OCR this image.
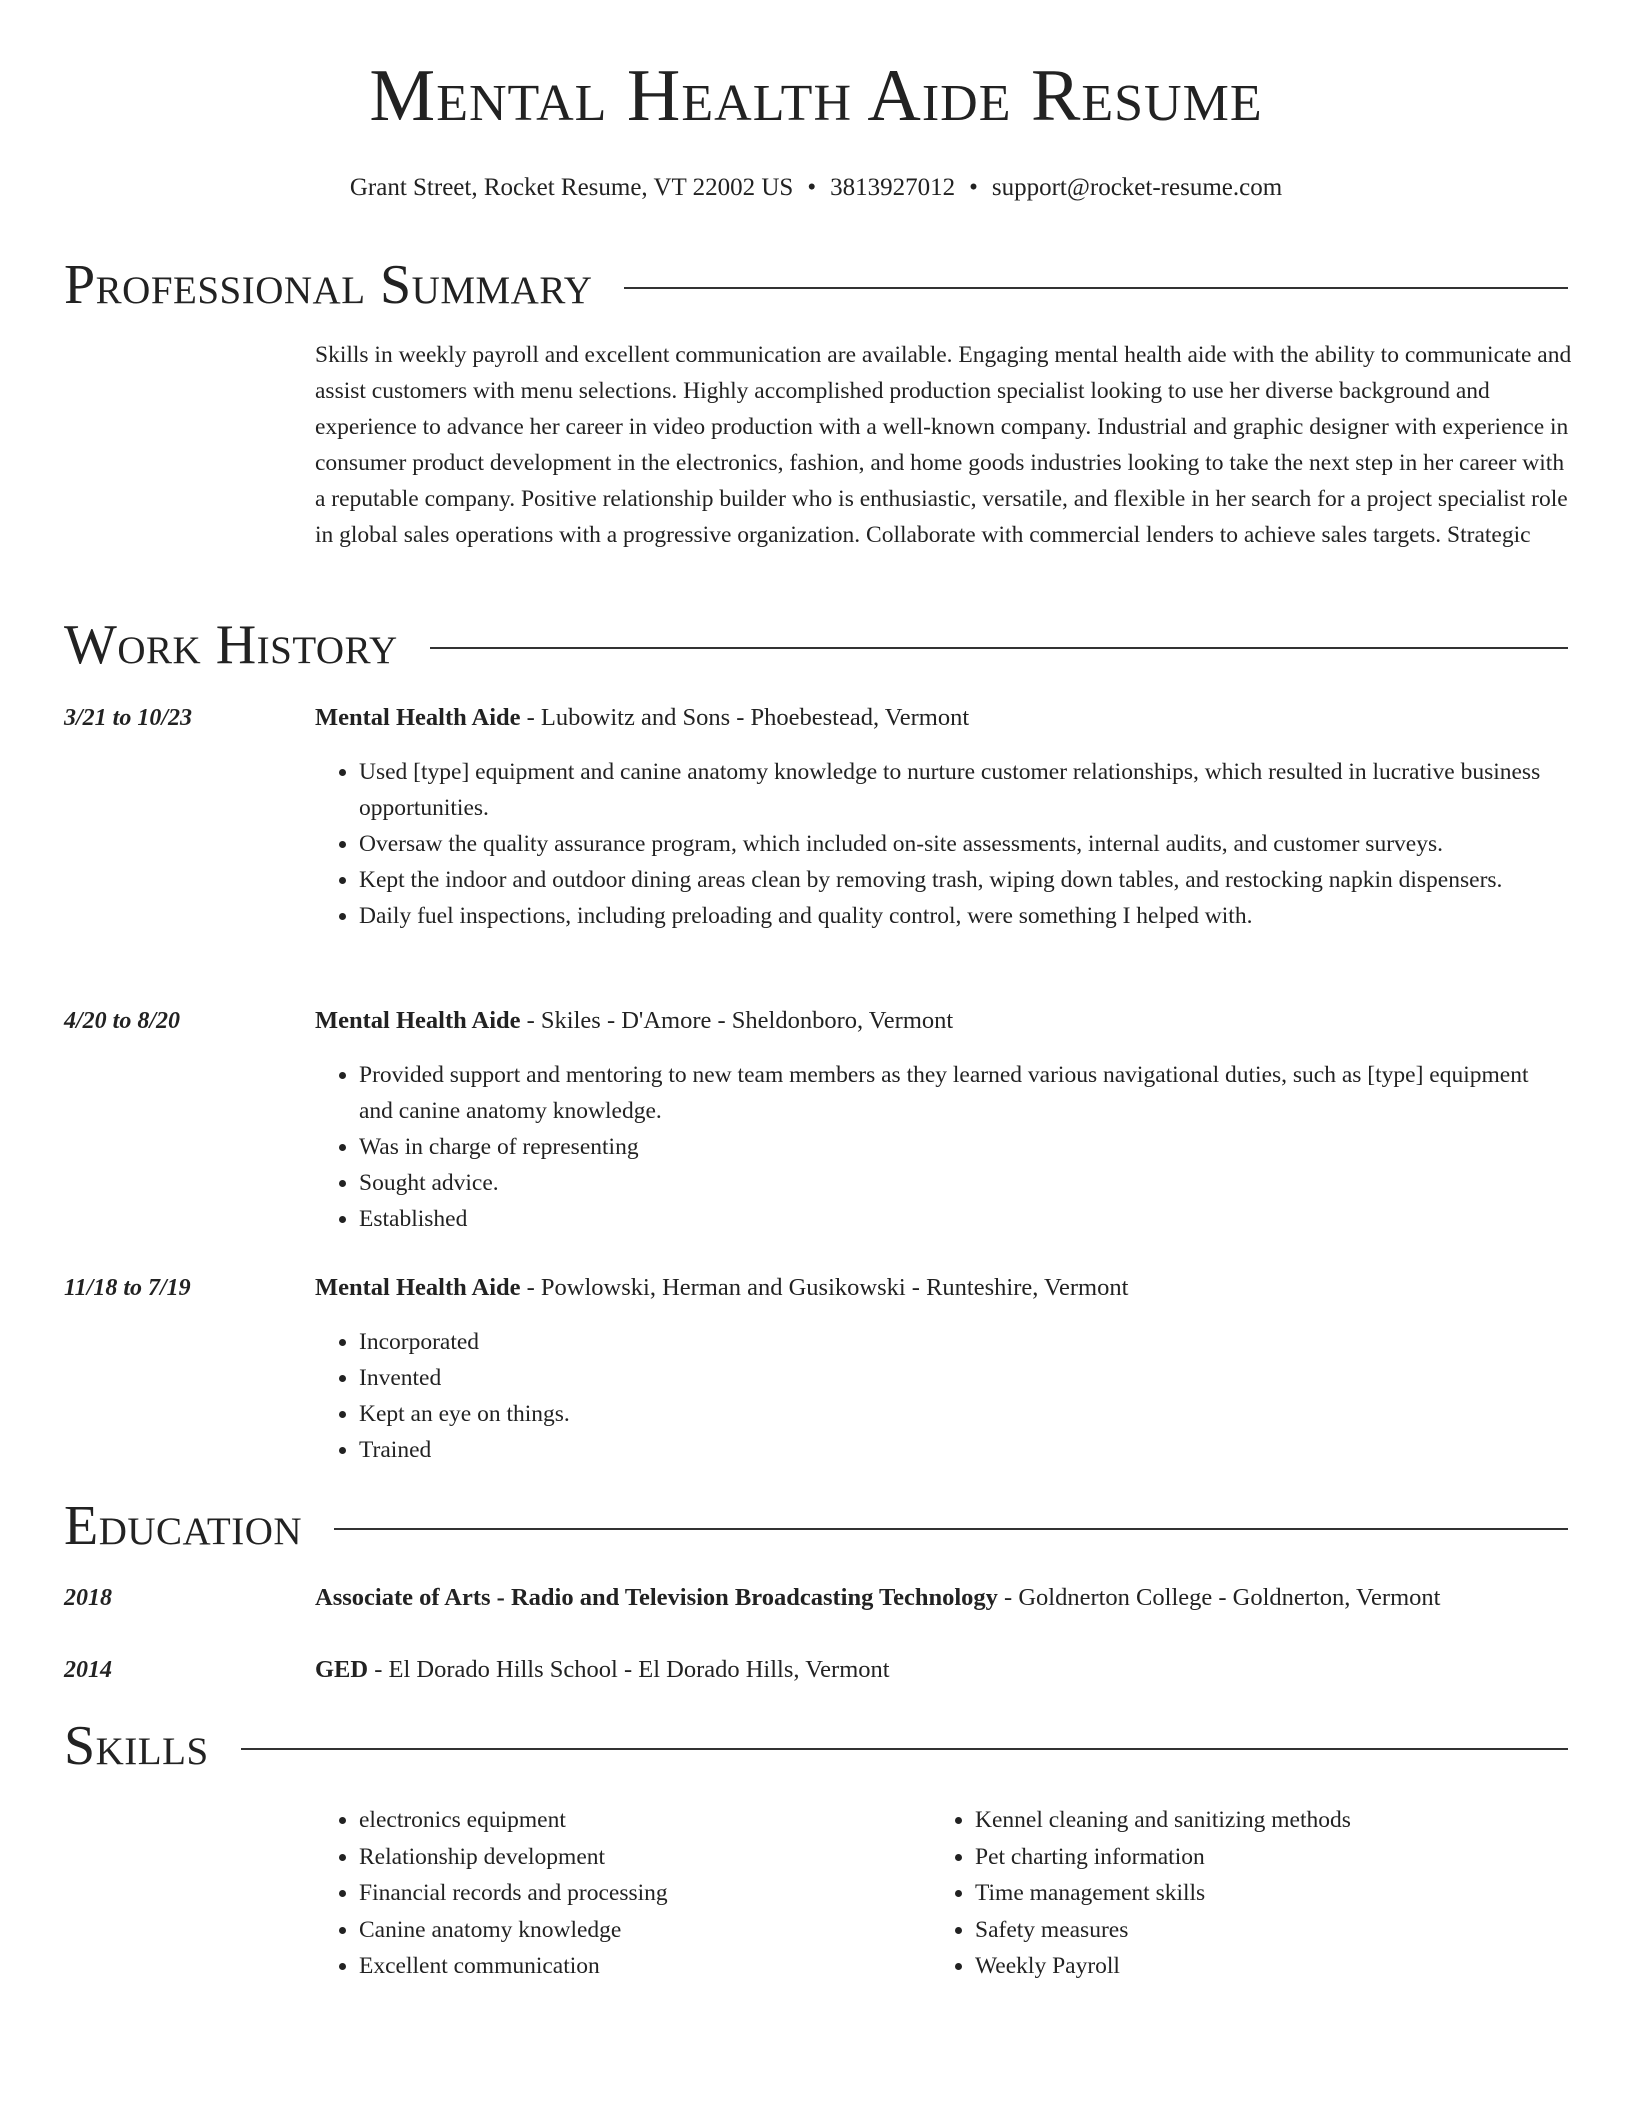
Mental Health Aide Resume
Grant Street, Rocket Resume, VT 22002 US • 3813927012 • support@rocket-resume.com
Professional Summary

Skills in weekly payroll and excellent communication are available. Engaging mental health aide with the ability to communicate and assist customers with menu selections. Highly accomplished production specialist looking to use her diverse background and experience to advance her career in video production with a well-known company. Industrial and graphic designer with experience in consumer product development in the electronics, fashion, and home goods industries looking to take the next step in her career with a reputable company. Positive relationship builder who is enthusiastic, versatile, and flexible in her search for a project specialist role in global sales operations with a progressive organization. Collaborate with commercial lenders to achieve sales targets. Strategic

Work History
3/21 to 10/23	Mental Health Aide - Lubowitz and Sons - Phoebestead, Vermont
• Used [type] equipment and canine anatomy knowledge to nurture customer relationships, which resulted in lucrative business opportunities.
• Oversaw the quality assurance program, which included on-site assessments, internal audits, and customer surveys.
• Kept the indoor and outdoor dining areas clean by removing trash, wiping down tables, and restocking napkin dispensers.
• Daily fuel inspections, including preloading and quality control, were something I helped with.
4/20 to 8/20	Mental Health Aide - Skiles - D'Amore - Sheldonboro, Vermont
• Provided support and mentoring to new team members as they learned various navigational duties, such as [type] equipment and canine anatomy knowledge.
• Was in charge of representing
• Sought advice.
• Established
11/18 to 7/19	Mental Health Aide - Powlowski, Herman and Gusikowski - Runteshire, Vermont
• Incorporated
• Invented
• Kept an eye on things.
• Trained
Education
2018	Associate of Arts - Radio and Television Broadcasting Technology - Goldnerton College - Goldnerton, Vermont
2014	GED - El Dorado Hills School - El Dorado Hills, Vermont
Skills
• electronics equipment
• Relationship development
• Financial records and processing
• Canine anatomy knowledge
• Excellent communication
• Kennel cleaning and sanitizing methods
• Pet charting information
• Time management skills
• Safety measures
• Weekly Payroll
